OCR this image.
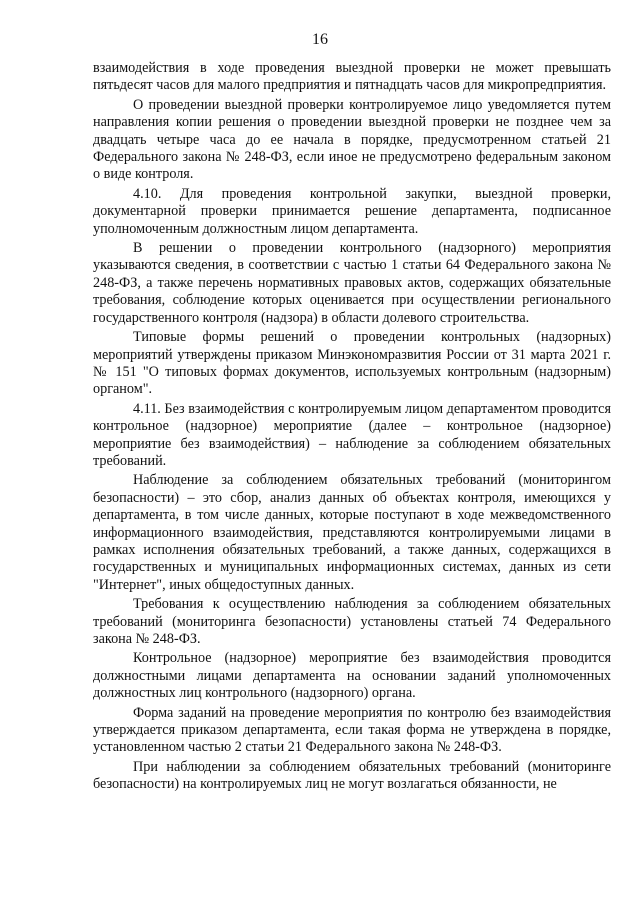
16

взаимодействия в ходе проведения выездной проверки не может превышать пятьдесят часов для малого предприятия и пятнадцать часов для микропредприятия.

О проведении выездной проверки контролируемое лицо уведомляется путем направления копии решения о проведении выездной проверки не позднее чем за двадцать четыре часа до ее начала в порядке, предусмотренном статьей 21 Федерального закона № 248-ФЗ, если иное не предусмотрено федеральным законом о виде контроля.

4.10. Для проведения контрольной закупки, выездной проверки, документарной проверки принимается решение департамента, подписанное уполномоченным должностным лицом департамента.

В решении о проведении контрольного (надзорного) мероприятия указываются сведения, в соответствии с частью 1 статьи 64 Федерального закона № 248-ФЗ, а также перечень нормативных правовых актов, содержащих обязательные требования, соблюдение которых оценивается при осуществлении регионального государственного контроля (надзора) в области долевого строительства.

Типовые формы решений о проведении контрольных (надзорных) мероприятий утверждены приказом Минэкономразвития России от 31 марта 2021 г. № 151 "О типовых формах документов, используемых контрольным (надзорным) органом".

4.11. Без взаимодействия с контролируемым лицом департаментом проводится контрольное (надзорное) мероприятие (далее – контрольное (надзорное) мероприятие без взаимодействия) – наблюдение за соблюдением обязательных требований.

Наблюдение за соблюдением обязательных требований (мониторингом безопасности) – это сбор, анализ данных об объектах контроля, имеющихся у департамента, в том числе данных, которые поступают в ходе межведомственного информационного взаимодействия, представляются контролируемыми лицами в рамках исполнения обязательных требований, а также данных, содержащихся в государственных и муниципальных информационных системах, данных из сети "Интернет", иных общедоступных данных.

Требования к осуществлению наблюдения за соблюдением обязательных требований (мониторинга безопасности) установлены статьей 74 Федерального закона № 248-ФЗ.

Контрольное (надзорное) мероприятие без взаимодействия проводится должностными лицами департамента на основании заданий уполномоченных должностных лиц контрольного (надзорного) органа.

Форма заданий на проведение мероприятия по контролю без взаимодействия утверждается приказом департамента, если такая форма не утверждена в порядке, установленном частью 2 статьи 21 Федерального закона № 248-ФЗ.

При наблюдении за соблюдением обязательных требований (мониторинге безопасности) на контролируемых лиц не могут возлагаться обязанности, не
